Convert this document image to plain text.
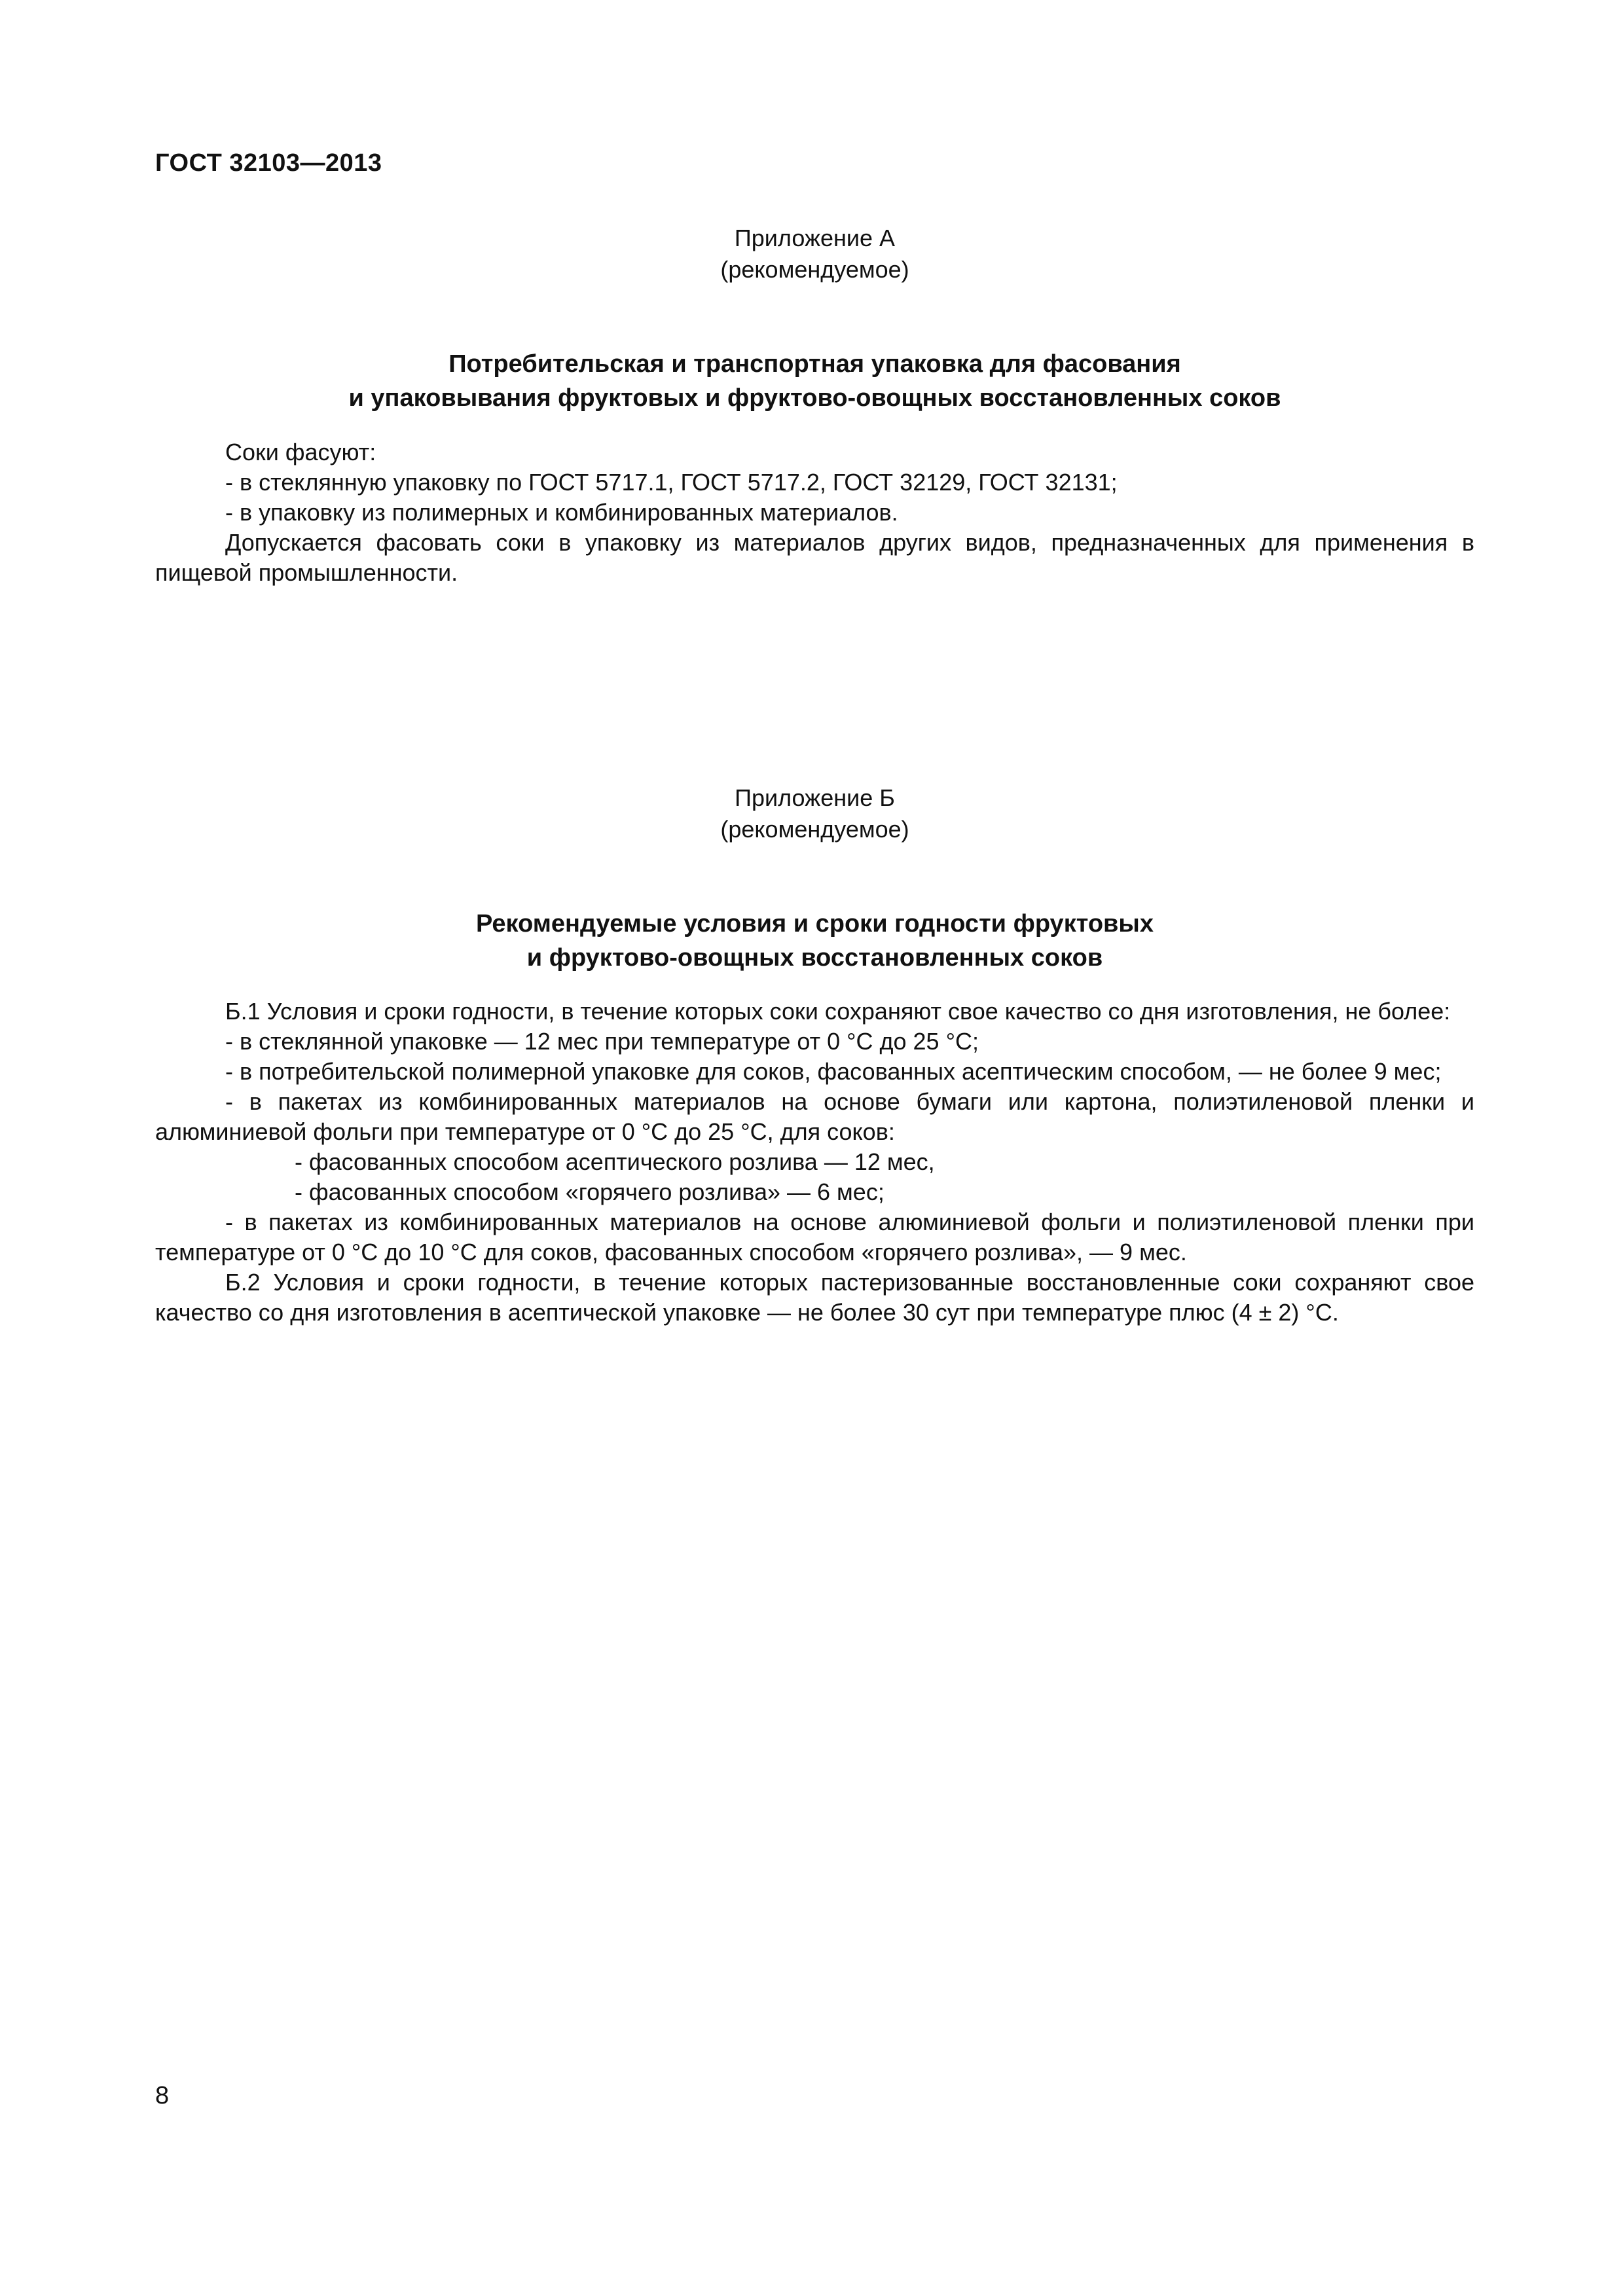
ГОСТ 32103—2013
Приложение А
(рекомендуемое)
Потребительская и транспортная упаковка для фасования
и упаковывания фруктовых и фруктово-овощных восстановленных соков

Соки фасуют:

- в стеклянную упаковку по ГОСТ 5717.1, ГОСТ 5717.2, ГОСТ 32129, ГОСТ 32131;

- в упаковку из полимерных и комбинированных материалов.

Допускается фасовать соки в упаковку из материалов других видов, предназначенных для применения в пищевой промышленности.

Приложение Б
(рекомендуемое)
Рекомендуемые условия и сроки годности фруктовых
и фруктово-овощных восстановленных соков

Б.1 Условия и сроки годности, в течение которых соки сохраняют свое качество со дня изготовления, не более:

- в стеклянной упаковке — 12 мес при температуре от 0 °С до 25 °С;

- в потребительской полимерной упаковке для соков, фасованных асептическим способом, — не более 9 мес;

- в пакетах из комбинированных материалов на основе бумаги или картона, полиэтиленовой пленки и алюминиевой фольги при температуре от 0 °С до 25 °С, для соков:

- фасованных способом асептического розлива — 12 мес,

- фасованных способом «горячего розлива» — 6 мес;

- в пакетах из комбинированных материалов на основе алюминиевой фольги и полиэтиленовой пленки при температуре от 0 °С до 10 °С для соков, фасованных способом «горячего розлива», — 9 мес.

Б.2 Условия и сроки годности, в течение которых пастеризованные восстановленные соки сохраняют свое качество со дня изготовления в асептической упаковке — не более 30 сут при температуре плюс (4 ± 2) °С.

8
